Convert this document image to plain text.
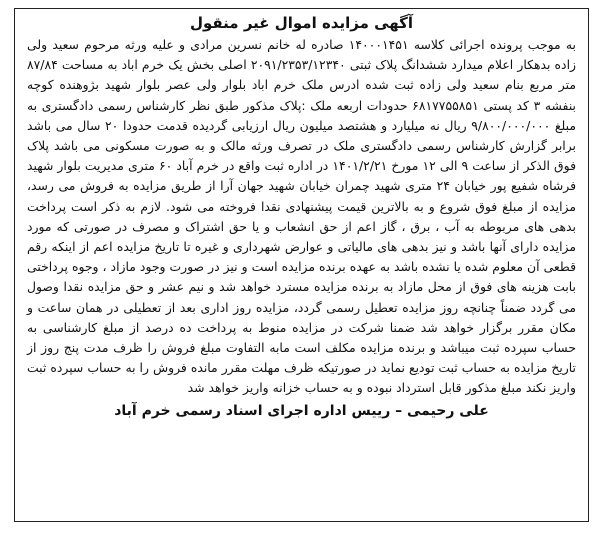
آگهی مزایده اموال غیر منقول

به موجب پرونده اجرائی کلاسه ۱۴۰۰۰۱۴۵۱ صادره له خانم نسرین مرادی و علیه ورثه مرحوم سعید ولی زاده بدهکار اعلام میدارد ششدانگ پلاک ثبتی ۲۰۹۱/۲۳۵۳/۱۲۳۴۰ اصلی بخش یک خرم اباد به مساحت ۸۷/۸۴ متر مربع بنام سعید ولی زاده ثبت شده ادرس ملک خرم اباد بلوار ولی عصر بلوار شهید بژوهنده کوچه بنفشه ۳ کد پستی ۶۸۱۷۷۵۵۸۵۱ حدودات اربعه ملک :پلاک مذکور طبق نظر کارشناس رسمی دادگستری به مبلغ ۹/۸۰۰/۰۰۰/۰۰۰ ریال نه میلیارد و هشتصد میلیون ریال ارزیابی گردیده قدمت حدودا ۲۰ سال می باشد برابر گزارش کارشناس رسمی دادگستری ملک در تصرف ورثه مالک و به صورت مسکونی می باشد پلاک فوق الذکر از ساعت ۹ الی ۱۲ مورخ ۱۴۰۱/۲/۲۱ در اداره ثبت واقع در خرم آباد ۶۰ متری مدیریت بلوار شهید فرشاه شفیع پور خیابان ۲۴ متری شهید چمران خیابان شهید جهان آرا از طریق مزایده به فروش می رسد، مزایده از مبلغ فوق شروع و به بالاترین قیمت پیشنهادی نقدا فروخته می شود. لازم به ذکر است پرداخت بدهی های مربوطه به آب ، برق ، گاز اعم از حق انشعاب و یا حق اشتراک و مصرف در صورتی که مورد مزایده دارای آنها باشد و نیز بدهی های مالیاتی و عوارض شهرداری و غیره تا تاریخ مزایده اعم از اینکه رقم قطعی آن معلوم شده یا نشده باشد به عهده برنده مزایده است و نیز در صورت وجود مازاد ، وجوه پرداختی بابت هزینه های فوق از محل مازاد به برنده مزایده مسترد خواهد شد و نیم عشر و حق مزایده نقدا وصول می گردد ضمناً چنانچه روز مزایده تعطیل رسمی گردد، مزایده روز اداری بعد از تعطیلی در همان ساعت و مکان مقرر برگزار خواهد شد ضمنا شرکت در مزایده منوط به پرداخت ده درصد از مبلغ کارشناسی به حساب سپرده ثبت میباشد و برنده مزایده مکلف است مابه التفاوت مبلغ فروش را ظرف مدت پنج روز از تاریخ مزایده به حساب ثبت تودیع نماید در صورتیکه ظرف مهلت مقرر مانده فروش را به حساب سپرده ثبت واریز نکند مبلغ مذکور قابل استرداد نبوده و به حساب خزانه واریز خواهد شد

علی رحیمی – رییس اداره اجرای اسناد رسمی خرم آباد
